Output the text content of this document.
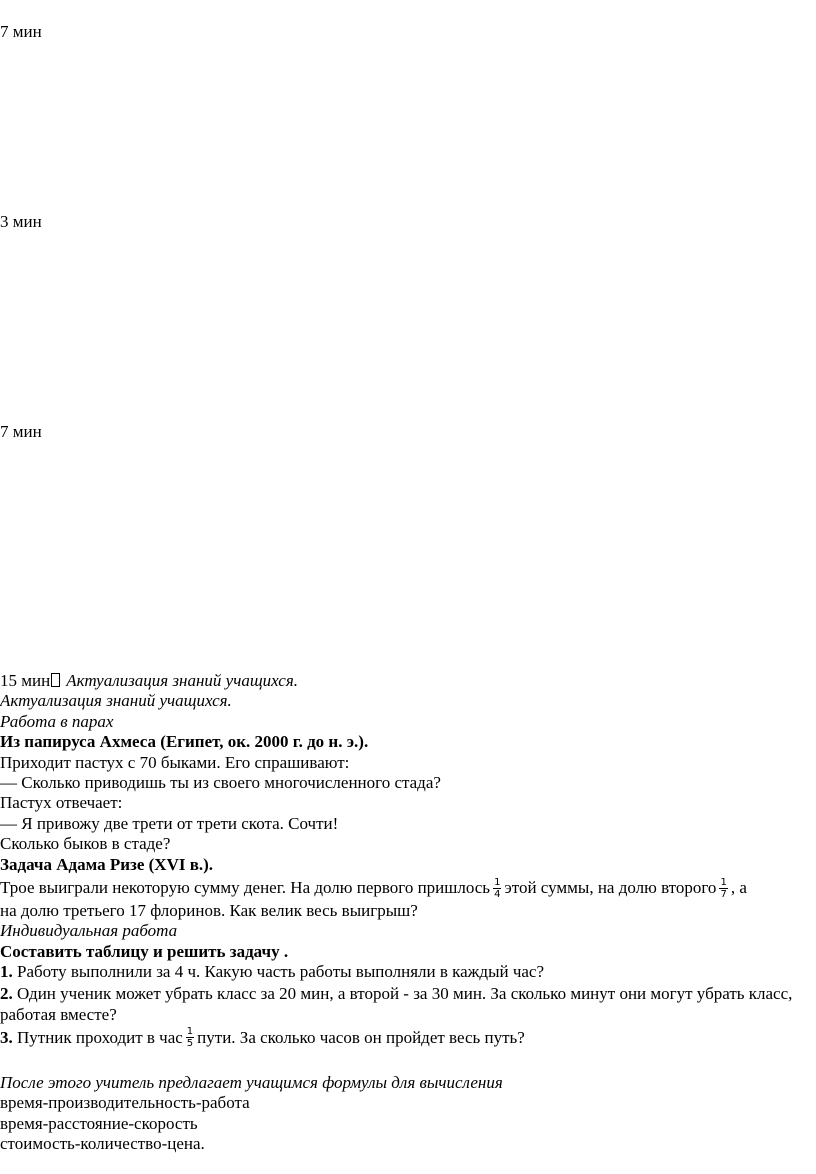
7 мин
3 мин
7 мин
15 мин Актуализация знаний учащихся.
Актуализация знаний учащихся.
Работа в парах
Из папируса Ахмеса (Египет, ок. 2000 г. до н. э.).
Приходит пастух с 70 быками. Его спрашивают:
— Сколько приводишь ты из своего многочисленного стада?
Пастух отвечает:
— Я привожу две трети от трети скота. Сочти!
Сколько быков в стаде?
Задача Адама Ризе (XVI в.).
Трое выиграли некоторую сумму денег. На долю первого пришлось $\frac{1}{4}$ этой суммы, на долю второго $\frac{1}{7}$ , а
на долю третьего 17 флоринов. Как велик весь выигрыш?
Индивидуальная работа
Составить таблицу и решить задачу .
1. Работу выполнили за 4 ч. Какую часть работы выполняли в каждый час?
2. Один ученик может убрать класс за 20 мин, а второй - за 30 мин. За сколько минут они могут убрать класс, работая вместе?
3. Путник проходит в час $\frac{1}{5}$ пути. За сколько часов он пройдет весь путь?
После этого учитель предлагает учащимся формулы для вычисления
время-производительность-работа
время-расстояние-скорость
стоимость-количество-цена.
